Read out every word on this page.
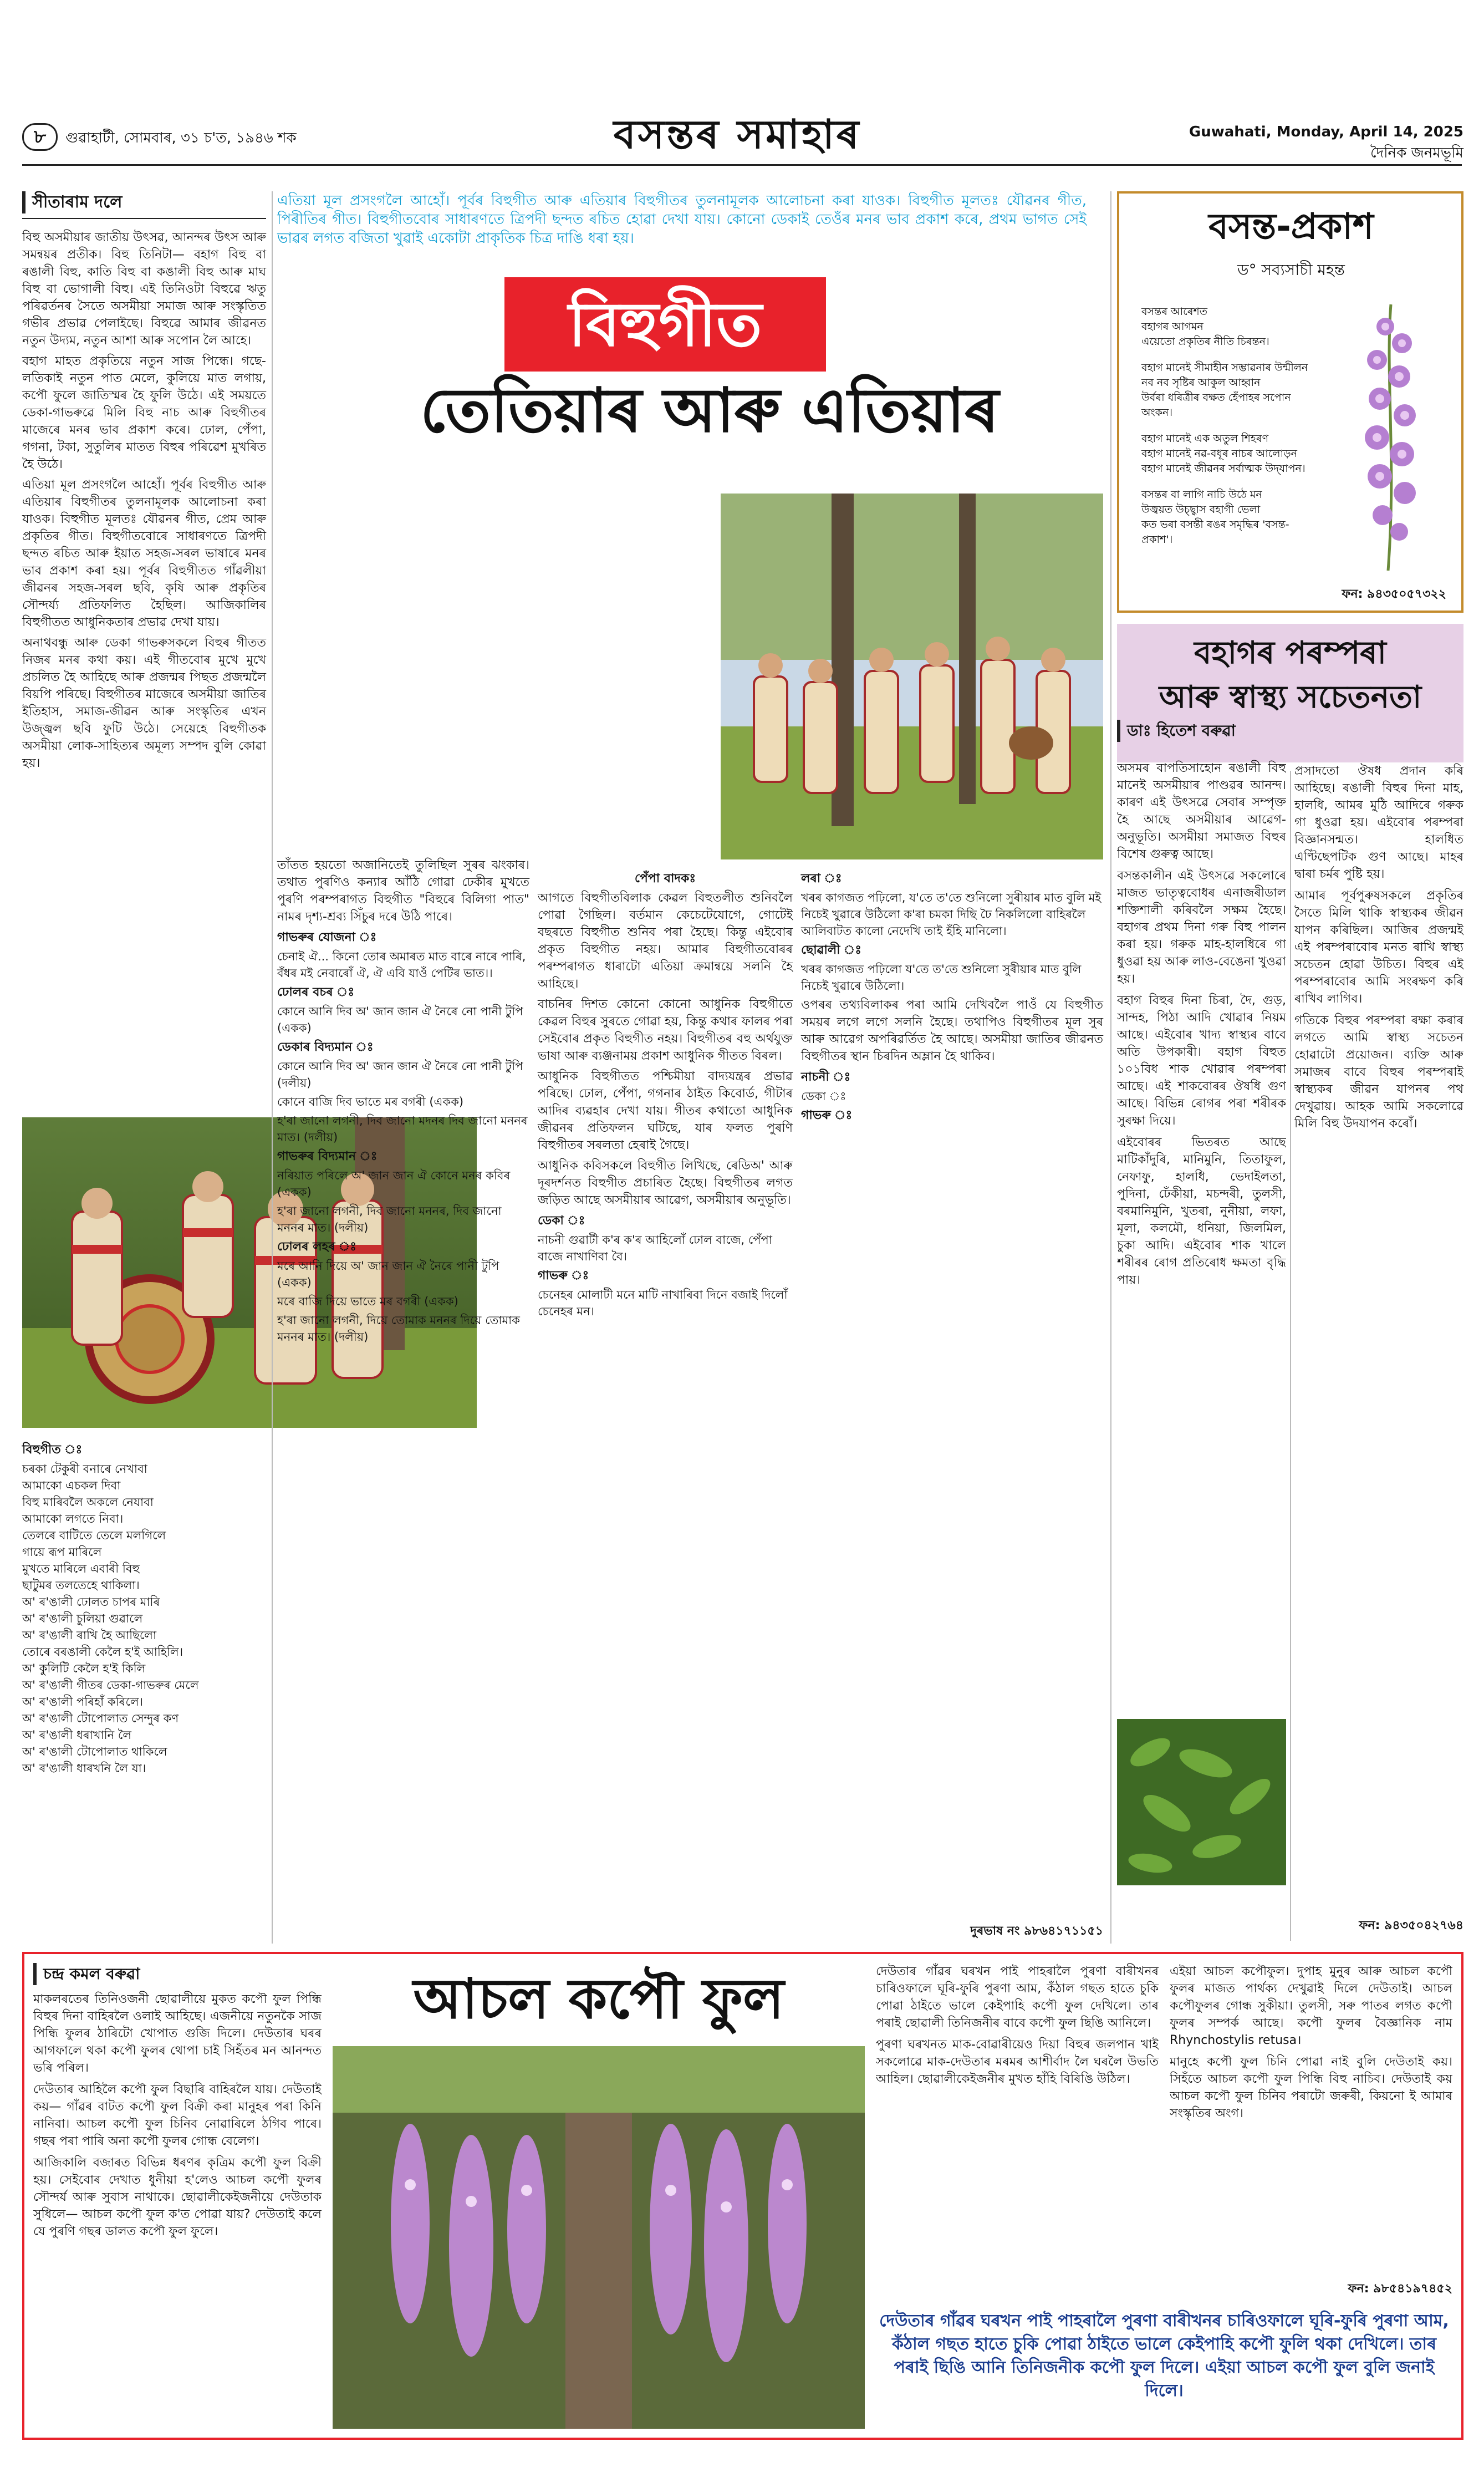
৮	গুৱাহাটী, সোমবাৰ, ৩১ চ'ত, ১৯৪৬ শক	বসন্তৰ সমাহাৰ	Guwahati, Monday, April 14, 2025
দৈনিক জনমভূমি
সীতাৰাম দলে

বিহু অসমীয়াৰ জাতীয় উৎসৱ, আনন্দৰ উৎস আৰু সমন্বয়ৰ প্ৰতীক। বিহু তিনিটা— বহাগ বিহু বা ৰঙালী বিহু, কাতি বিহু বা কঙালী বিহু আৰু মাঘ বিহু বা ভোগালী বিহু। এই তিনিওটা বিহুৱে ঋতু পৰিৱৰ্তনৰ সৈতে অসমীয়া সমাজ আৰু সংস্কৃতিত গভীৰ প্ৰভাৱ পেলাইছে। বিহুৱে আমাৰ জীৱনত নতুন উদ্যম, নতুন আশা আৰু সপোন লৈ আহে।

বহাগ মাহত প্ৰকৃতিয়ে নতুন সাজ পিন্ধে। গছে-লতিকাই নতুন পাত মেলে, কুলিয়ে মাত লগায়, কপৌ ফুলে জাতিস্মৰ হৈ ফুলি উঠে। এই সময়তে ডেকা-গাভৰুৱে মিলি বিহু নাচ আৰু বিহুগীতৰ মাজেৰে মনৰ ভাব প্ৰকাশ কৰে। ঢোল, পেঁপা, গগনা, টকা, সুতুলিৰ মাতত বিহুৰ পৰিৱেশ মুখৰিত হৈ উঠে।

এতিয়া মূল প্ৰসংগলৈ আহোঁ। পূৰ্বৰ বিহুগীত আৰু এতিয়াৰ বিহুগীতৰ তুলনামূলক আলোচনা কৰা যাওক। বিহুগীত মূলতঃ যৌৱনৰ গীত, প্ৰেম আৰু প্ৰকৃতিৰ গীত। বিহুগীতবোৰে সাধাৰণতে ত্ৰিপদী ছন্দত ৰচিত আৰু ইয়াত সহজ-সৰল ভাষাৰে মনৰ ভাব প্ৰকাশ কৰা হয়। পূৰ্বৰ বিহুগীতত গাঁৱলীয়া জীৱনৰ সহজ-সৰল ছবি, কৃষি আৰু প্ৰকৃতিৰ সৌন্দৰ্য্য প্ৰতিফলিত হৈছিল। আজিকালিৰ বিহুগীতত আধুনিকতাৰ প্ৰভাৱ দেখা যায়।

অনাথবন্ধু আৰু ডেকা গাভৰুসকলে বিহুৰ গীতত নিজৰ মনৰ কথা কয়। এই গীতবোৰ মুখে মুখে প্ৰচলিত হৈ আহিছে আৰু প্ৰজন্মৰ পিছত প্ৰজন্মলৈ বিয়পি পৰিছে। বিহুগীতৰ মাজেৰে অসমীয়া জাতিৰ ইতিহাস, সমাজ-জীৱন আৰু সংস্কৃতিৰ এখন উজ্জ্বল ছবি ফুটি উঠে। সেয়েহে বিহুগীতক অসমীয়া লোক-সাহিত্যৰ অমূল্য সম্পদ বুলি কোৱা হয়।

বিহুগীত ঃ
চৰকা টেকুৰী বনাৰে নেখাবা
আমাকো এচকল দিবা
বিহু মাৰিবলৈ অকলে নেযাবা
আমাকো লগতে নিবা।
তেলৰে বাটিতে তেলে মলগিলে
গায়ে ৰূপ মাৰিলে
মুখতে মাৰিলে এবাৰী বিহু
ছাটুমৰ তলতেহে থাকিলা।
অ' ৰ'ঙালী ঢোলত চাপৰ মাৰি
অ' ৰ'ঙালী চুলিয়া গুৱালে
অ' ৰ'ঙালী ৰাখি হৈ আছিলো
তোৰে বৰঙালী কেলৈ হ'ই আহিলি।
অ' কুলিটি কেলৈ হ'ই কিলি
অ' ৰ'ঙালী গীতৰ ডেকা-গাভৰুৰ মেলে
অ' ৰ'ঙালী পৰিহাঁ কৰিলে।
অ' ৰ'ঙালী টোপোলাত সেন্দুৰ কণ
অ' ৰ'ঙালী ধৰাখানি লৈ
অ' ৰ'ঙালী টোপোলাত থাকিলে
অ' ৰ'ঙালী ধাৰখনি লৈ যা।
এতিয়া মূল প্ৰসংগলৈ আহোঁ। পূৰ্বৰ বিহুগীত আৰু এতিয়াৰ বিহুগীতৰ তুলনামূলক আলোচনা কৰা যাওক। বিহুগীত মূলতঃ যৌৱনৰ গীত, পিৰীতিৰ গীত। বিহুগীতবোৰ সাধাৰণতে ত্ৰিপদী ছন্দত ৰচিত হোৱা দেখা যায়। কোনো ডেকাই তেওঁৰ মনৰ ভাব প্ৰকাশ কৰে, প্ৰথম ভাগত সেই ভাৱৰ লগত বজিতা খুৱাই একোটা প্ৰাকৃতিক চিত্ৰ দাঙি ধৰা হয়।
বিহুগীত
তেতিয়াৰ আৰু এতিয়াৰ

তাঁতত হয়তো অজানিতেই তুলিছিল সুৰৰ ঝংকাৰ। তথাত পুৰণিও কন্যাৰ আঁঠি গোৱা ঢেকীৰ মুখতে পুৰণি পৰম্পৰাগত বিহুগীত "বিহুৰে বিলিগা পাত" নামৰ দৃশ্য-শ্ৰব্য সিঁচুৰ দৰে উঠি পাৰে।

গাভৰুৰ যোজনা ঃ

চেনাই ঐ... কিনো তোৰ অমাৰত মাত বাৰে নাৰে পাৰি, বঁধৰ মই নেবাৰোঁ ঐ, ঐ এবি যাওঁ পেটিৰ ভাত।।

ঢোলৰ বচৰ ঃ

কোনে আনি দিব অ' জান জান ঐ নৈৰে নো পানী টুপি (একক)

ডেকাৰ বিদ্যমান ঃ

কোনে আনি দিব অ' জান জান ঐ নৈৰে নো পানী টুপি (দলীয়)

কোনে বাজি দিব ভাতে মৰ বগৰী (একক)

হ'ৰা জানো লগনী, দিব জানো মদনৰ দিব জানো মননৰ মাত। (দলীয়)

গাভৰুৰ বিদ্যমান ঃ

নৰিয়াত পৰিলে অ' জান জান ঐ কোনে মনৰ কবিৰ (একক)

হ'ৰা জানো লগনী, দিব জানো মননৰ, দিব জানো মননৰ মাত। (দলীয়)

ঢোলৰ লহৰ ঃ

মৰে আনি দিয়ে অ' জান জান ঐ নৈৰে পানী টুপি (একক)

মৰে বাজি দিয়ে ভাতে মৰ বগৰী (একক)

হ'ৰা জানো লগনী, দিয়ে তোমাক মননৰ দিয়ে তোমাক মননৰ মাত। (দলীয়)

পেঁপা বাদকঃ

আগতে বিহুগীতবিলাক কেৱল বিহুতলীত শুনিবলৈ পোৱা গৈছিল। বৰ্তমান কেচেটেযোগে, গোটেই বছৰতে বিহুগীত শুনিব পৰা হৈছে। কিন্তু এইবোৰ প্ৰকৃত বিহুগীত নহয়। আমাৰ বিহুগীতবোৰৰ পৰম্পৰাগত ধাৰাটো এতিয়া ক্ৰমান্বয়ে সলনি হৈ আহিছে।

বাচনিৰ দিশত কোনো কোনো আধুনিক বিহুগীতে কেৱল বিহুৰ সুৰতে গোৱা হয়, কিন্তু কথাৰ ফালৰ পৰা সেইবোৰ প্ৰকৃত বিহুগীত নহয়। বিহুগীতৰ বহু অৰ্থযুক্ত ভাষা আৰু ব্যঞ্জনাময় প্ৰকাশ আধুনিক গীতত বিৰল।

আধুনিক বিহুগীতত পশ্চিমীয়া বাদ্যযন্ত্ৰৰ প্ৰভাৱ পৰিছে। ঢোল, পেঁপা, গগনাৰ ঠাইত কিবোর্ড, গীটাৰ আদিৰ ব্যৱহাৰ দেখা যায়। গীতৰ কথাতো আধুনিক জীৱনৰ প্ৰতিফলন ঘটিছে, যাৰ ফলত পুৰণি বিহুগীতৰ সৰলতা হেৰাই গৈছে।

আধুনিক কবিসকলে বিহুগীত লিখিছে, ৰেডিঅ' আৰু দূৰদৰ্শনত বিহুগীত প্ৰচাৰিত হৈছে। বিহুগীতৰ লগত জড়িত আছে অসমীয়াৰ আৱেগ, অসমীয়াৰ অনুভূতি।

ডেকা ঃ

নাচনী গুৱাটী ক'ৰ ক'ৰ আহিলোঁ ঢোল বাজে, পেঁপা বাজে নাখাণিবা বৈ।

গাভৰু ঃ

চেনেহৰ মোলাটী মনে মাটি নাখাৰিবা দিনে বজাই দিলোঁ চেনেহৰ মন।

লৰা ঃ

খৰৰ কাগজত পঢ়িলো, য'তে ত'তে শুনিলো সুৰীয়াৰ মাত বুলি মই নিচেই খুৱাৰে উঠিলো ক'ৰা চমকা দিছি ঢৈ নিকলিলো বাহিৰলৈ আলিবাটত কালো নেদেখি তাই হঁহি মানিলো।

ছোৱালী ঃ

খৰৰ কাগজত পঢ়িলো য'তে ত'তে শুনিলো সুৰীয়াৰ মাত বুলি নিচেই খুৱাৰে উঠিলো।

ওপৰৰ তথ্যবিলাকৰ পৰা আমি দেখিবলৈ পাওঁ যে বিহুগীত সময়ৰ লগে লগে সলনি হৈছে। তথাপিও বিহুগীতৰ মূল সুৰ আৰু আৱেগ অপৰিৱৰ্তিত হৈ আছে। অসমীয়া জাতিৰ জীৱনত বিহুগীতৰ স্থান চিৰদিন অম্লান হৈ থাকিব।

নাচনী ঃ

ডেকা ঃ

গাভৰু ঃ
দুৰভাষ নং ৯৮৬৪১৭১১৫১
বসন্ত-প্ৰকাশ
ড° সব্যসাচী মহন্ত
বসন্তৰ আৰেশত
বহাগৰ আগমন
এয়েতো প্ৰকৃতিৰ নীতি চিৰন্তন।
বহাগ মানেই সীমাহীন সম্ভাৱনাৰ উন্মীলন
নব নব সৃষ্টিৰ আকুল আহ্বান
উৰ্বৰা ধৰিত্ৰীৰ বক্ষত হেঁপাহৰ সপোন অংকন।
বহাগ মানেই এক অতুল শিহৰণ
বহাগ মানেই নৱ-বধূৰ নাচৰ আলোড়ন
বহাগ মানেই জীৱনৰ সৰ্বাত্মক উদ্‌যাপন।
বসন্তৰ বা লাগি নাচি উঠে মন
উজ্বয়ত উচ্ছ্বাস বহাগী ভেলা
কত ভৰা বসন্তী ৰঙৰ সমৃদ্ধিৰ 'বসন্ত-প্ৰকাশ'।
ফন: ৯৪৩৫০৫৭৩২২
বহাগৰ পৰম্পৰা
আৰু স্বাস্থ্য সচেতনতা
ডাঃ হিতেশ বৰুৱা

অসমৰ বাপতিসাহোন ৰঙালী বিহু মানেই অসমীয়াৰ পাণ্ডৱৰ আনন্দ। কাৰণ এই উৎসৱে সেবাৰ সম্পৃক্ত হৈ আছে অসমীয়াৰ আৱেগ-অনুভূতি। অসমীয়া সমাজত বিহুৰ বিশেষ গুৰুত্ব আছে।

বসন্তকালীন এই উৎসৱে সকলোৰে মাজত ভাতৃত্ববোধৰ এনাজৰীডাল শক্তিশালী কৰিবলৈ সক্ষম হৈছে। বহাগৰ প্ৰথম দিনা গৰু বিহু পালন কৰা হয়। গৰুক মাহ-হালধিৰে গা ধুওৱা হয় আৰু লাও-বেঙেনা খুওৱা হয়।

বহাগ বিহুৰ দিনা চিৰা, দৈ, গুড়, সান্দহ, পিঠা আদি খোৱাৰ নিয়ম আছে। এইবোৰ খাদ্য স্বাস্থ্যৰ বাবে অতি উপকাৰী। বহাগ বিহুত ১০১বিধ শাক খোৱাৰ পৰম্পৰা আছে। এই শাকবোৰৰ ঔষধি গুণ আছে। বিভিন্ন ৰোগৰ পৰা শৰীৰক সুৰক্ষা দিয়ে।

এইবোৰৰ ভিতৰত আছে মাটিকাঁদুৰি, মানিমুনি, তিতাফুল, নেফাফু, হালধি, ভেদাইলতা, পুদিনা, ঢেঁকীয়া, মচন্দৰী, তুলসী, বৰমানিমুনি, খুতৰা, নুনীয়া, লফা, মূলা, কলমৌ, ধনিয়া, জিলমিল, চুকা আদি। এইবোৰ শাক খালে শৰীৰৰ ৰোগ প্ৰতিৰোধ ক্ষমতা বৃদ্ধি পায়।

প্ৰসাদতো ঔষধ প্ৰদান কৰি আহিছে। ৰঙালী বিহুৰ দিনা মাহ, হালধি, আমৰ মুঠি আদিৰে গৰুক গা ধুওৱা হয়। এইবোৰ পৰম্পৰা বিজ্ঞানসন্মত। হালধিত এণ্টিছেপটিক গুণ আছে। মাহৰ দ্বাৰা চৰ্মৰ পুষ্টি হয়।

আমাৰ পূৰ্বপুৰুষসকলে প্ৰকৃতিৰ সৈতে মিলি থাকি স্বাস্থ্যকৰ জীৱন যাপন কৰিছিল। আজিৰ প্ৰজন্মই এই পৰম্পৰাবোৰ মনত ৰাখি স্বাস্থ্য সচেতন হোৱা উচিত। বিহুৰ এই পৰম্পৰাবোৰ আমি সংৰক্ষণ কৰি ৰাখিব লাগিব।

গতিকে বিহুৰ পৰম্পৰা ৰক্ষা কৰাৰ লগতে আমি স্বাস্থ্য সচেতন হোৱাটো প্ৰয়োজন। ব্যক্তি আৰু সমাজৰ বাবে বিহুৰ পৰম্পৰাই স্বাস্থ্যকৰ জীৱন যাপনৰ পথ দেখুৱায়। আহক আমি সকলোৱে মিলি বিহু উদযাপন কৰোঁ।

ফন: ৯৪৩৫০৪২৭৬৪
চন্দ্ৰ কমল বৰুৱা

মাকলৰতেৰ তিনিওজনী ছোৱালীয়ে মুকত কপৌ ফুল পিন্ধি বিহুৰ দিনা বাহিৰলৈ ওলাই আহিছে। এজনীয়ে নতুনকৈ সাজ পিন্ধি ফুলৰ ঠাৰিটো খোপাত গুজি দিলে। দেউতাৰ ঘৰৰ আগফালে থকা কপৌ ফুলৰ থোপা চাই সিহঁতৰ মন আনন্দত ভৰি পৰিল।

দেউতাৰ আহিলৈ কপৌ ফুল বিছাৰি বাহিৰলৈ যায়। দেউতাই কয়— গাঁৱৰ বাটত কপৌ ফুল বিক্ৰী কৰা মানুহৰ পৰা কিনি নানিবা। আচল কপৌ ফুল চিনিব নোৱাৰিলে ঠগিব পাৰে। গছৰ পৰা পাৰি অনা কপৌ ফুলৰ গোন্ধ বেলেগ।

আজিকালি বজাৰত বিভিন্ন ধৰণৰ কৃত্ৰিম কপৌ ফুল বিক্ৰী হয়। সেইবোৰ দেখাত ধুনীয়া হ'লেও আচল কপৌ ফুলৰ সৌন্দৰ্য আৰু সুবাস নাথাকে। ছোৱালীকেইজনীয়ে দেউতাক সুধিলে— আচল কপৌ ফুল ক'ত পোৱা যায়? দেউতাই কলে যে পুৰণি গছৰ ডালত কপৌ ফুল ফুলে।

আচল কপৌ ফুল	দেউতাৰ গাঁৱৰ ঘৰখন পাই পাহৰালৈ পুৰণা বাৰীখনৰ চাৰিওফালে ঘূৰি-ফুৰি পুৰণা আম, কঁঠাল গছত হাতে চুকি পোৱা ঠাইতে ভালে কেইপাহি কপৌ ফুল দেখিলে। তাৰ পৰাই ছোৱালী তিনিজনীৰ বাবে কপৌ ফুল ছিঙি আনিলে।

পুৰণা ঘৰখনত মাক-বোৱাৰীয়েও দিয়া বিহুৰ জলপান খাই সকলোৱে মাক-দেউতাৰ মৰমৰ আশীৰ্বাদ লৈ ঘৰলৈ উভতি আহিল। ছোৱালীকেইজনীৰ মুখত হাঁহি বিৰিঙি উঠিল।

এইয়া আচল কপৌফুল। দুপাহ মুনুৰ আৰু আচল কপৌ ফুলৰ মাজত পাৰ্থক্য দেখুৱাই দিলে দেউতাই। আচল কপৌফুলৰ গোন্ধ সুকীয়া। তুলসী, সৰু পাতৰ লগত কপৌ ফুলৰ সম্পৰ্ক আছে। কপৌ ফুলৰ বৈজ্ঞানিক নাম Rhynchostylis retusa।

মানুহে কপৌ ফুল চিনি পোৱা নাই বুলি দেউতাই কয়। সিহঁতে আচল কপৌ ফুল পিন্ধি বিহু নাচিব। দেউতাই কয় আচল কপৌ ফুল চিনিব পৰাটো জৰুৰী, কিয়নো ই আমাৰ সংস্কৃতিৰ অংগ।

ফন: ৯৮৫৪১৯৭৪৫২
দেউতাৰ গাঁৱৰ ঘৰখন পাই পাহৰালৈ পুৰণা বাৰীখনৰ চাৰিওফালে ঘূৰি-ফুৰি পুৰণা আম, কঁঠাল গছত হাতে চুকি পোৱা ঠাইতে ভালে কেইপাহি কপৌ ফুলি থকা দেখিলে। তাৰ পৰাই ছিঙি আনি তিনিজনীক কপৌ ফুল দিলে। এইয়া আচল কপৌ ফুল বুলি জনাই দিলে।
